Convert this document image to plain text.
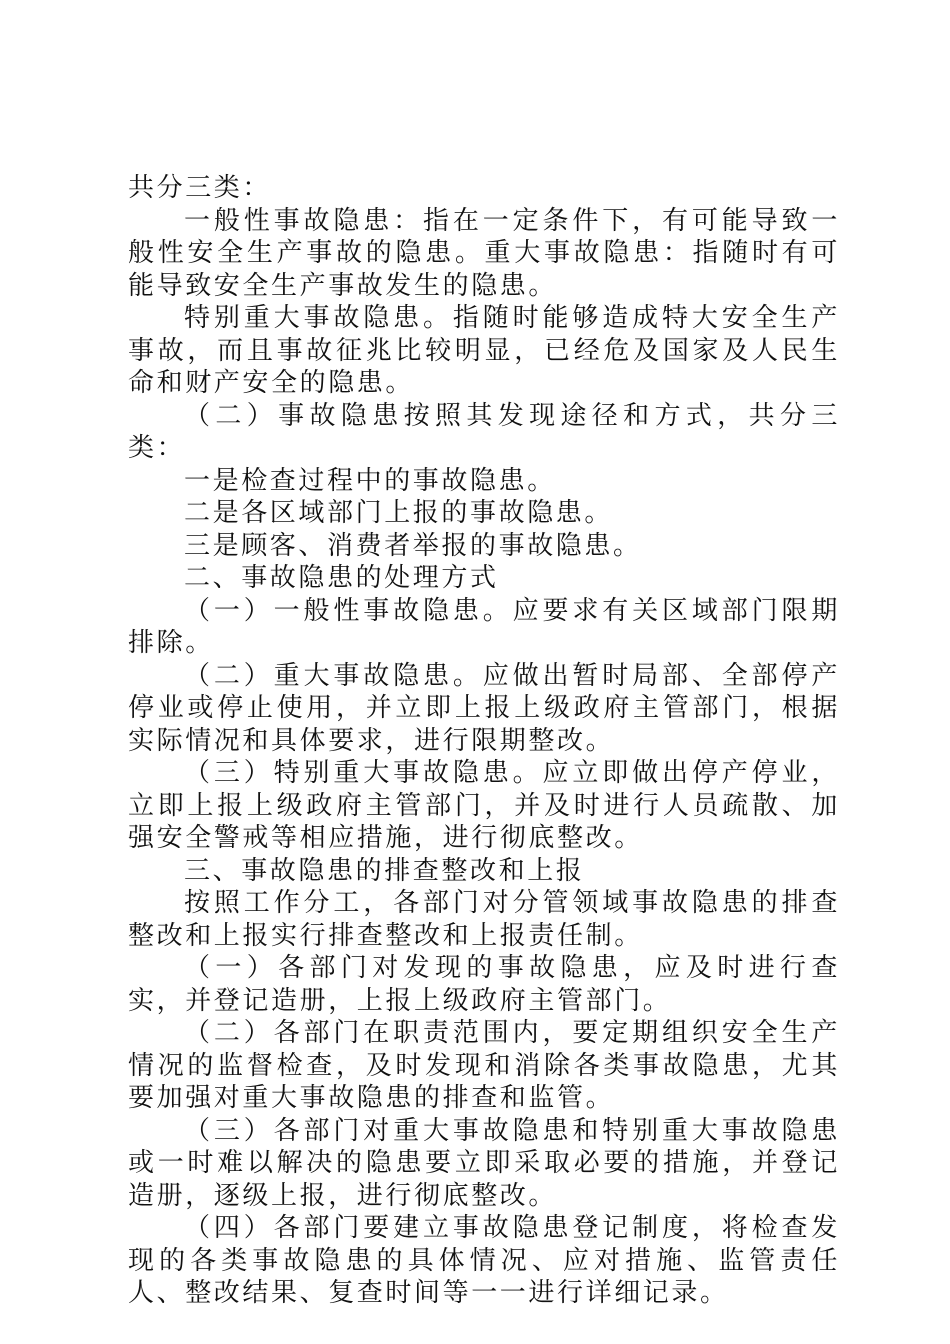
共分三类：

一般性事故隐患：指在一定条件下，有可能导致一般性安全生产事故的隐患。重大事故隐患：指随时有可能导致安全生产事故发生的隐患。

特别重大事故隐患。指随时能够造成特大安全生产事故，而且事故征兆比较明显，已经危及国家及人民生命和财产安全的隐患。

（二）事故隐患按照其发现途径和方式，共分三类：

一是检查过程中的事故隐患。

二是各区域部门上报的事故隐患。

三是顾客、消费者举报的事故隐患。

二、事故隐患的处理方式

（一）一般性事故隐患。应要求有关区域部门限期排除。

（二）重大事故隐患。应做出暂时局部、全部停产停业或停止使用，并立即上报上级政府主管部门，根据实际情况和具体要求，进行限期整改。

（三）特别重大事故隐患。应立即做出停产停业，立即上报上级政府主管部门，并及时进行人员疏散、加强安全警戒等相应措施，进行彻底整改。

三、事故隐患的排查整改和上报

按照工作分工，各部门对分管领域事故隐患的排查整改和上报实行排查整改和上报责任制。

（一）各部门对发现的事故隐患，应及时进行查实，并登记造册，上报上级政府主管部门。

（二）各部门在职责范围内，要定期组织安全生产情况的监督检查，及时发现和消除各类事故隐患，尤其要加强对重大事故隐患的排查和监管。

（三）各部门对重大事故隐患和特别重大事故隐患或一时难以解决的隐患要立即采取必要的措施，并登记造册，逐级上报，进行彻底整改。

（四）各部门要建立事故隐患登记制度，将检查发现的各类事故隐患的具体情况、应对措施、监管责任人、整改结果、复查时间等一一进行详细记录。
